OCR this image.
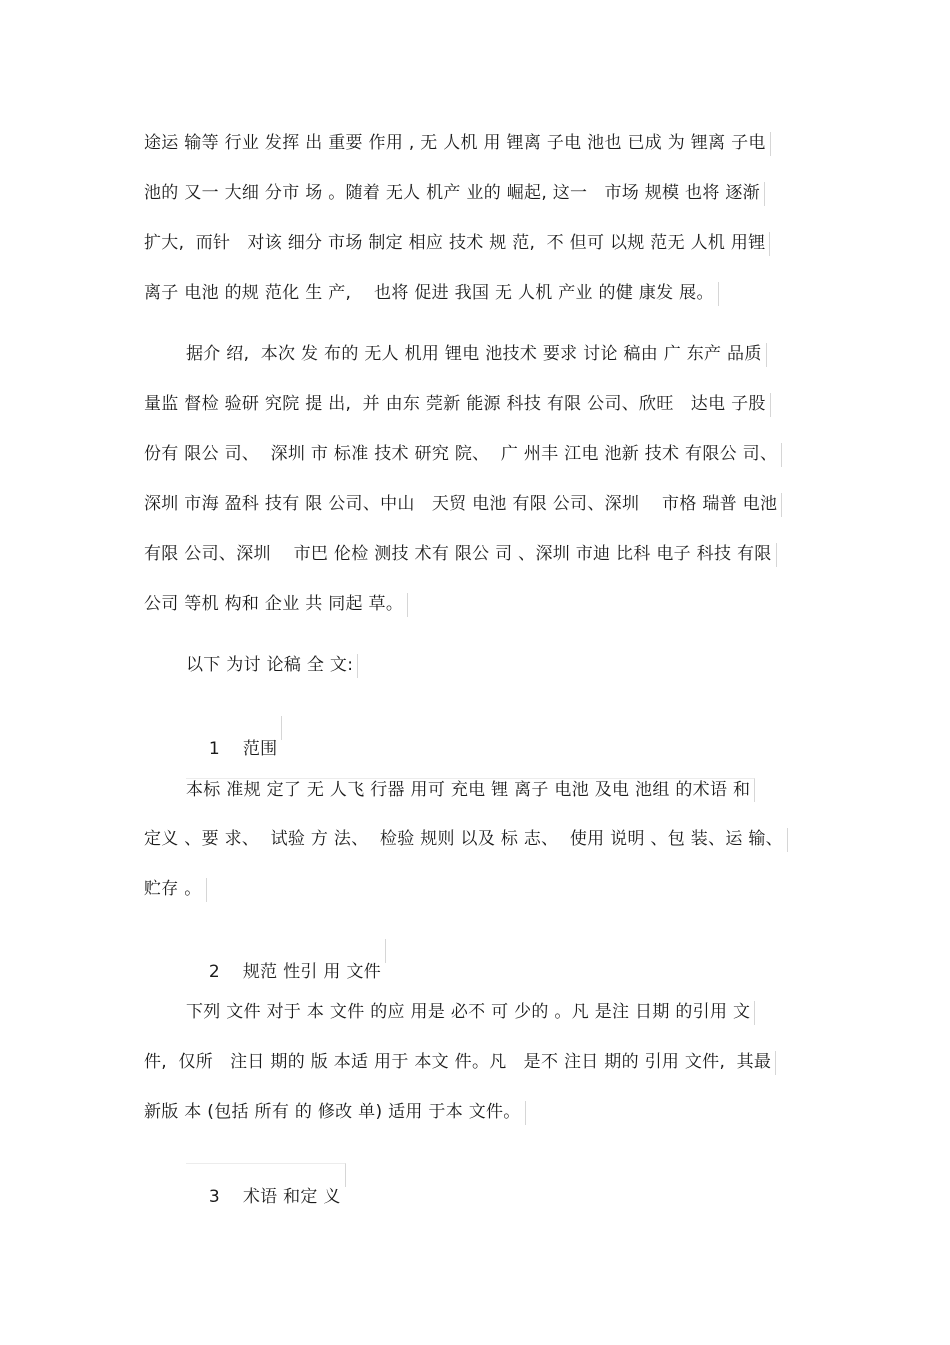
途运 输等 行业 发挥 出 重要 作用 , 无 人机 用 锂离 子电 池也 已成 为 锂离 子电
池的 又一 大细 分市 场 。随着 无人 机产 业的 崛起, 这一   市场 规模 也将 逐渐
扩大,  而针   对该 细分 市场 制定 相应 技术 规 范,  不 但可 以规 范无 人机 用锂
离子 电池 的规 范化 生 产,    也将 促进 我国 无 人机 产业 的健 康发 展。
据介 绍,  本次 发 布的 无人 机用 锂电 池技术 要求 讨论 稿由 广 东产 品质
量监 督检 验研 究院 提 出,  并 由东 莞新 能源 科技 有限 公司、欣旺   达电 子股
份有 限公 司、  深圳 市 标准 技术 研究 院、  广 州丰 江电 池新 技术 有限公 司、
深圳 市海 盈科 技有 限 公司、中山   天贸 电池 有限 公司、深圳    市格 瑞普 电池
有限 公司、深圳    市巴 伦检 测技 术有 限公 司 、深圳 市迪 比科 电子 科技 有限
公司 等机 构和 企业 共 同起 草。
以下 为讨 论稿 全 文:

1 范围

本标 准规 定了 无 人飞 行器 用可 充电 锂 离子 电池 及电 池组 的术语 和
定义 、要 求、  试验 方 法、  检验 规则 以及 标 志、  使用 说明 、包 装、运 输、
贮存 。

2 规范 性引 用 文件

下列 文件 对于 本 文件 的应 用是 必不 可 少的 。凡 是注 日期 的引用 文
件,  仅所   注日 期的 版 本适 用于 本文 件。凡   是不 注日 期的 引用 文件,  其最
新版 本 (包括 所有 的 修改 单) 适用 于本 文件。

3 术语 和定 义
